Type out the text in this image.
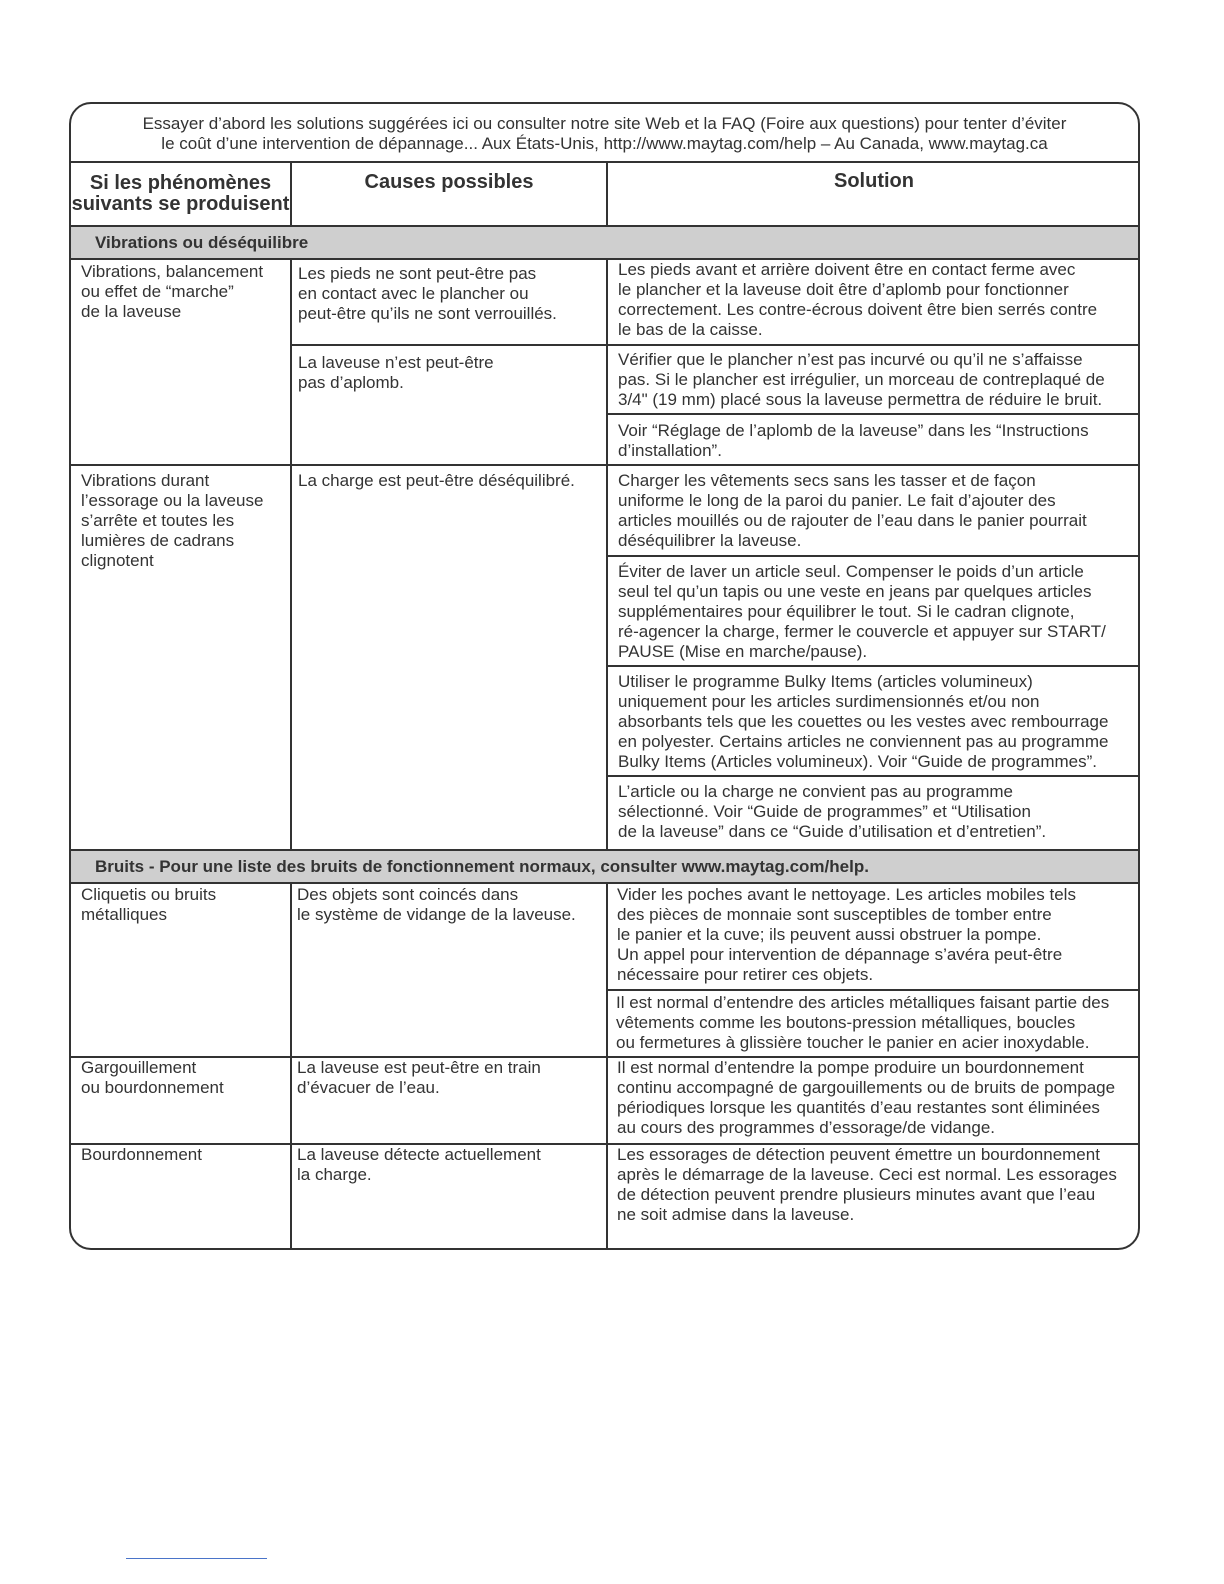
Essayer d’abord les solutions suggérées ici ou consulter notre site Web et la FAQ (Foire aux questions) pour tenter d’éviter
le coût d’une intervention de dépannage... Aux États-Unis, http://www.maytag.com/help – Au Canada, www.maytag.ca
Si les phénomènes
suivants se produisent
Causes possibles	Solution
Vibrations ou déséquilibre
Bruits - Pour une liste des bruits de fonctionnement normaux, consulter www.maytag.com/help.
Vibrations, balancement
ou effet de “marche”
de la laveuse
Vibrations durant
l’essorage ou la laveuse
s’arrête et toutes les
lumières de cadrans
clignotent
Les pieds ne sont peut-être pas
en contact avec le plancher ou
peut-être qu’ils ne sont verrouillés.
La laveuse n’est peut-être
pas d’aplomb.
La charge est peut-être déséquilibré.
Les pieds avant et arrière doivent être en contact ferme avec
le plancher et la laveuse doit être d’aplomb pour fonctionner
correctement. Les contre-écrous doivent être bien serrés contre
le bas de la caisse.
Vérifier que le plancher n’est pas incurvé ou qu’il ne s’affaisse
pas. Si le plancher est irrégulier, un morceau de contreplaqué de
3/4" (19 mm) placé sous la laveuse permettra de réduire le bruit.
Voir “Réglage de l’aplomb de la laveuse” dans les “Instructions
d’installation”.
Charger les vêtements secs sans les tasser et de façon
uniforme le long de la paroi du panier. Le fait d’ajouter des
articles mouillés ou de rajouter de l’eau dans le panier pourrait
déséquilibrer la laveuse.
Éviter de laver un article seul. Compenser le poids d’un article
seul tel qu’un tapis ou une veste en jeans par quelques articles
supplémentaires pour équilibrer le tout. Si le cadran clignote,
ré-agencer la charge, fermer le couvercle et appuyer sur START/
PAUSE (Mise en marche/pause).
Utiliser le programme Bulky Items (articles volumineux)
uniquement pour les articles surdimensionnés et/ou non
absorbants tels que les couettes ou les vestes avec rembourrage
en polyester. Certains articles ne conviennent pas au programme
Bulky Items (Articles volumineux). Voir “Guide de programmes”.
L’article ou la charge ne convient pas au programme
sélectionné. Voir “Guide de programmes” et “Utilisation
de la laveuse” dans ce “Guide d’utilisation et d’entretien”.
Cliquetis ou bruits
métalliques
Gargouillement
ou bourdonnement
Bourdonnement
Des objets sont coincés dans
le système de vidange de la laveuse.
La laveuse est peut-être en train
d’évacuer de l’eau.
La laveuse détecte actuellement
la charge.
Vider les poches avant le nettoyage. Les articles mobiles tels
des pièces de monnaie sont susceptibles de tomber entre
le panier et la cuve; ils peuvent aussi obstruer la pompe.
Un appel pour intervention de dépannage s’avéra peut-être
nécessaire pour retirer ces objets.
Il est normal d’entendre des articles métalliques faisant partie des
vêtements comme les boutons-pression métalliques, boucles
ou fermetures à glissière toucher le panier en acier inoxydable.
Il est normal d’entendre la pompe produire un bourdonnement
continu accompagné de gargouillements ou de bruits de pompage
périodiques lorsque les quantités d’eau restantes sont éliminées
au cours des programmes d’essorage/de vidange.
Les essorages de détection peuvent émettre un bourdonnement
après le démarrage de la laveuse. Ceci est normal. Les essorages
de détection peuvent prendre plusieurs minutes avant que l’eau
ne soit admise dans la laveuse.
